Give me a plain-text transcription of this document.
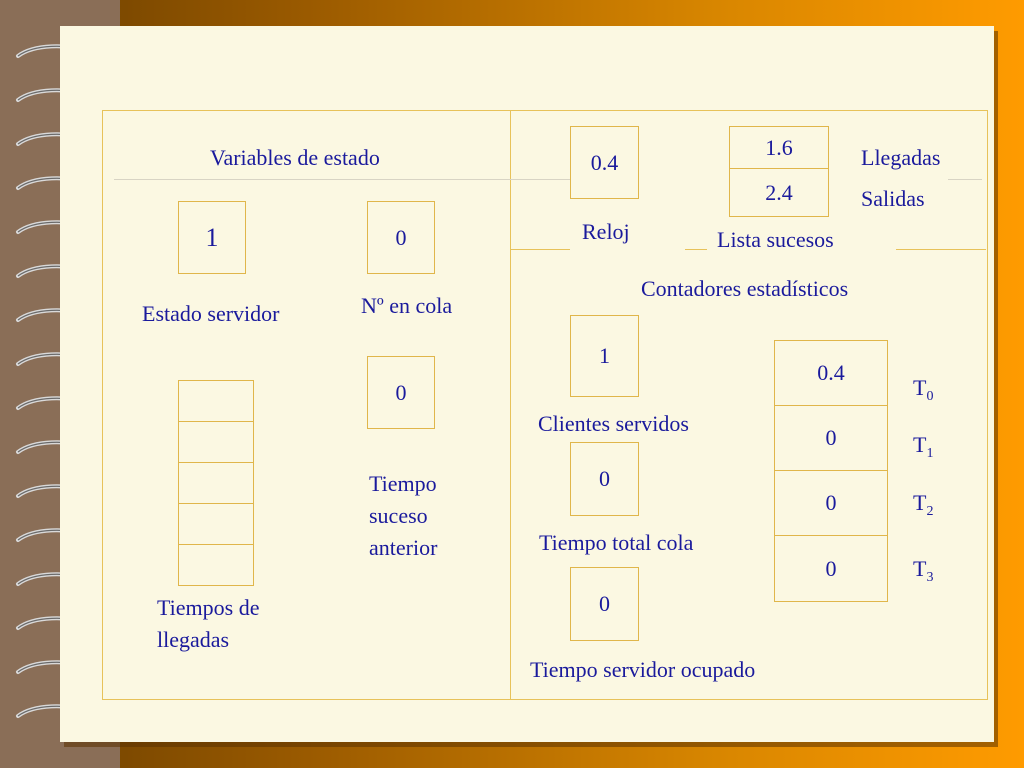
Variables de estado
1
Estado servidor
0
Nº en cola
0
Tiempo
suceso
anterior
Tiempos de
llegadas
0.4
Reloj
1.6
2.4
Llegadas
Salidas
Lista sucesos
Contadores estadísticos
1
Clientes servidos
0
Tiempo total cola
0
Tiempo servidor ocupado
0.4
0
0
0
$T_0$
$T_1$
$T_2$
$T_3$
